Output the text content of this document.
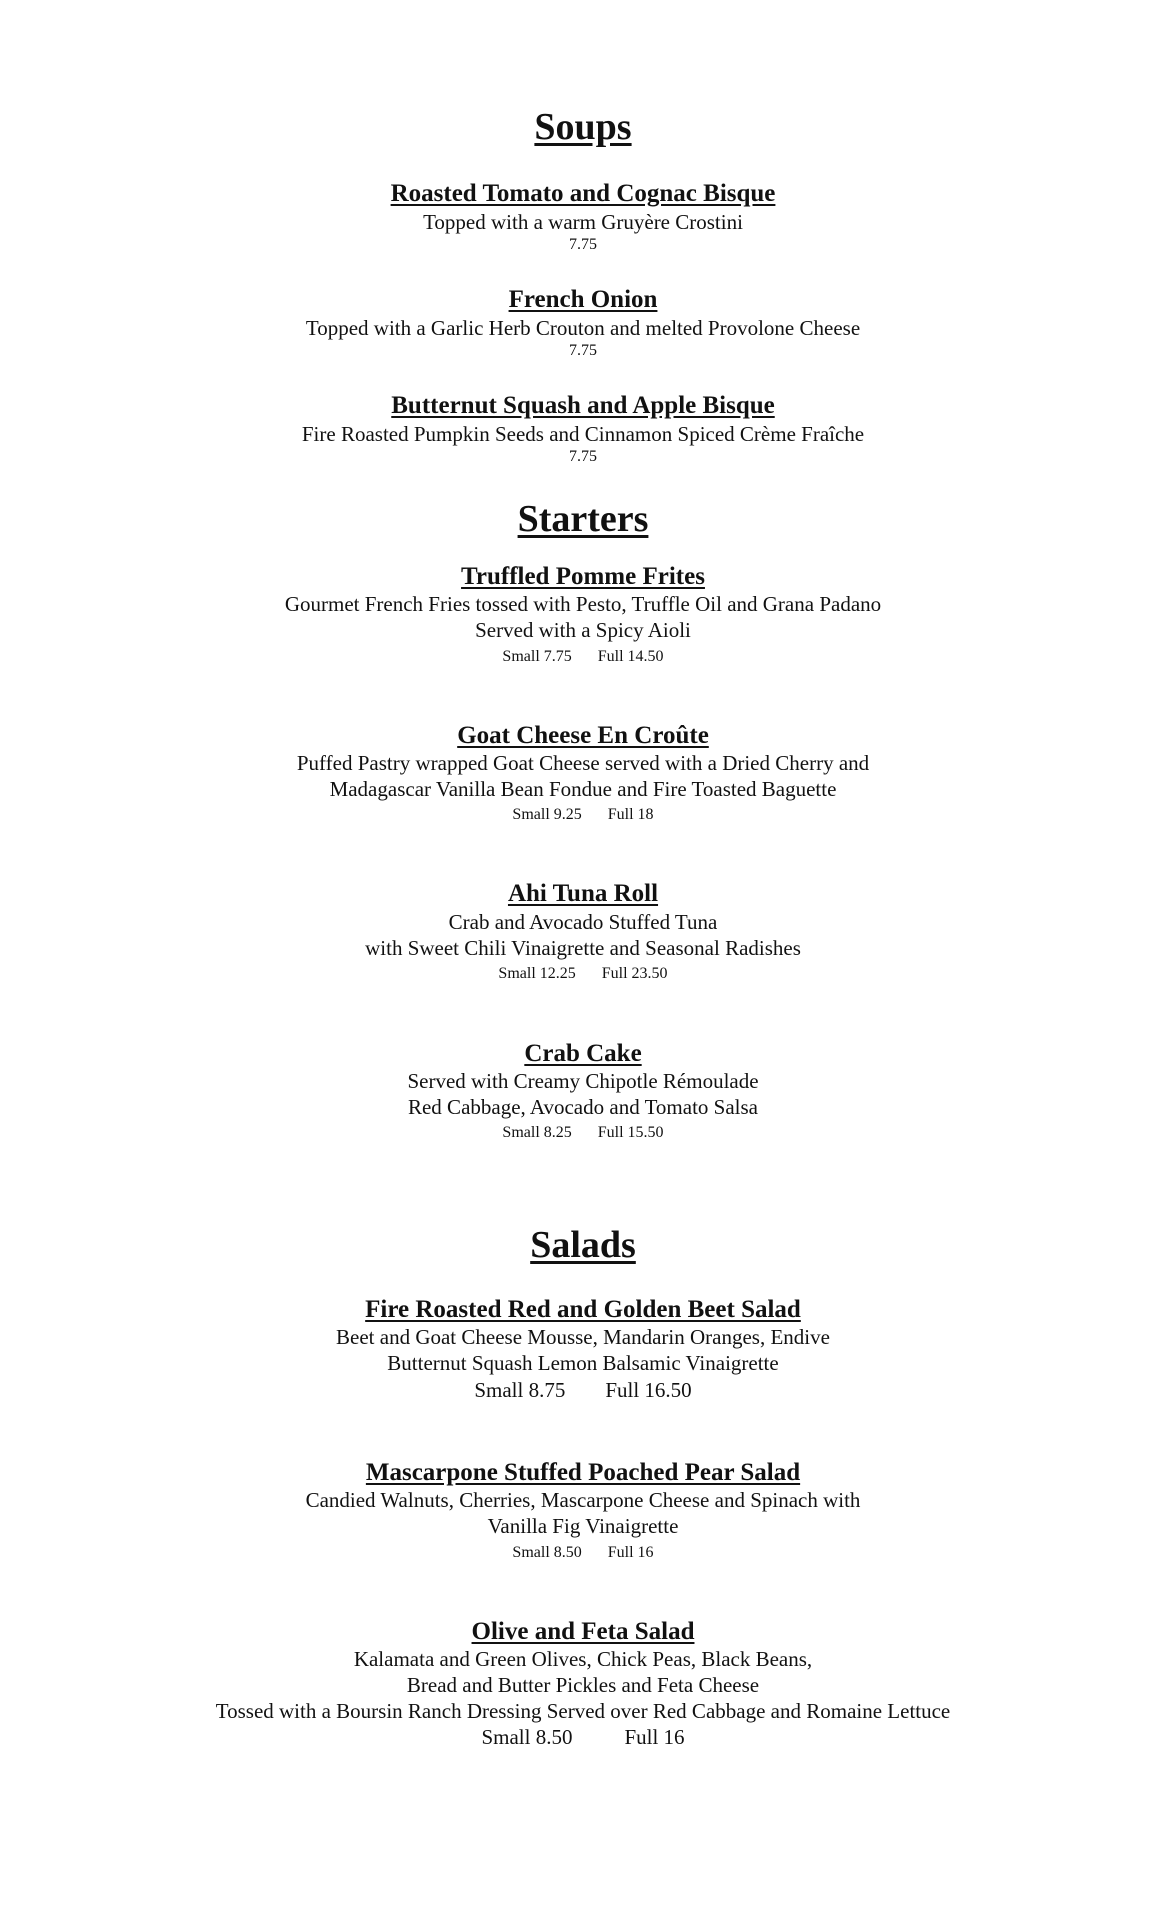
Soups
Roasted Tomato and Cognac Bisque
Topped with a warm Gruyère Crostini
7.75
French Onion
Topped with a Garlic Herb Crouton and melted Provolone Cheese
7.75
Butternut Squash and Apple Bisque
Fire Roasted Pumpkin Seeds and Cinnamon Spiced Crème Fraîche
7.75
Starters
Truffled Pomme Frites
Gourmet French Fries tossed with Pesto, Truffle Oil and Grana Padano
Served with a Spicy Aioli
Small 7.75 Full 14.50
Goat Cheese En Croûte
Puffed Pastry wrapped Goat Cheese served with a Dried Cherry and
Madagascar Vanilla Bean Fondue and Fire Toasted Baguette
Small 9.25 Full 18
Ahi Tuna Roll
Crab and Avocado Stuffed Tuna
with Sweet Chili Vinaigrette and Seasonal Radishes
Small 12.25 Full 23.50
Crab Cake
Served with Creamy Chipotle Rémoulade
Red Cabbage, Avocado and Tomato Salsa
Small 8.25 Full 15.50
Salads
Fire Roasted Red and Golden Beet Salad
Beet and Goat Cheese Mousse, Mandarin Oranges, Endive
Butternut Squash Lemon Balsamic Vinaigrette
Small 8.75 Full 16.50
Mascarpone Stuffed Poached Pear Salad
Candied Walnuts, Cherries, Mascarpone Cheese and Spinach with
Vanilla Fig Vinaigrette
Small 8.50 Full 16
Olive and Feta Salad
Kalamata and Green Olives, Chick Peas, Black Beans,
Bread and Butter Pickles and Feta Cheese
Tossed with a Boursin Ranch Dressing Served over Red Cabbage and Romaine Lettuce
Small 8.50 Full 16
